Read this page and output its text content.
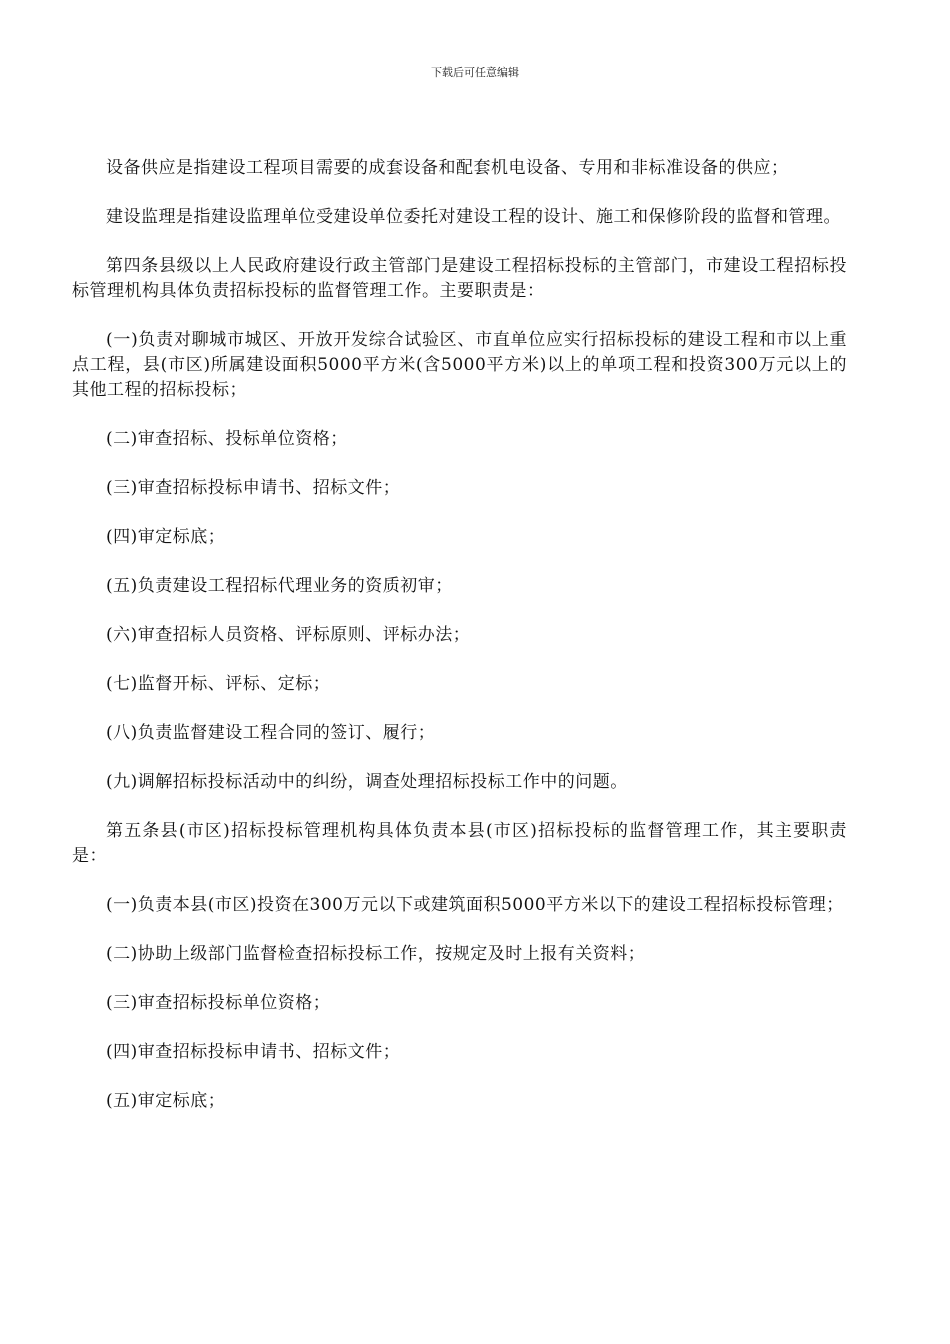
下载后可任意编辑

设备供应是指建设工程项目需要的成套设备和配套机电设备、专用和非标准设备的供应；

建设监理是指建设监理单位受建设单位委托对建设工程的设计、施工和保修阶段的监督和管理。

第四条县级以上人民政府建设行政主管部门是建设工程招标投标的主管部门，市建设工程招标投标管理机构具体负责招标投标的监督管理工作。主要职责是：

(一)负责对聊城市城区、开放开发综合试验区、市直单位应实行招标投标的建设工程和市以上重点工程，县(市区)所属建设面积5000平方米(含5000平方米)以上的单项工程和投资300万元以上的其他工程的招标投标；

(二)审查招标、投标单位资格；

(三)审查招标投标申请书、招标文件；

(四)审定标底；

(五)负责建设工程招标代理业务的资质初审；

(六)审查招标人员资格、评标原则、评标办法；

(七)监督开标、评标、定标；

(八)负责监督建设工程合同的签订、履行；

(九)调解招标投标活动中的纠纷，调查处理招标投标工作中的问题。

第五条县(市区)招标投标管理机构具体负责本县(市区)招标投标的监督管理工作，其主要职责是：

(一)负责本县(市区)投资在300万元以下或建筑面积5000平方米以下的建设工程招标投标管理；

(二)协助上级部门监督检查招标投标工作，按规定及时上报有关资料；

(三)审查招标投标单位资格；

(四)审查招标投标申请书、招标文件；

(五)审定标底；
